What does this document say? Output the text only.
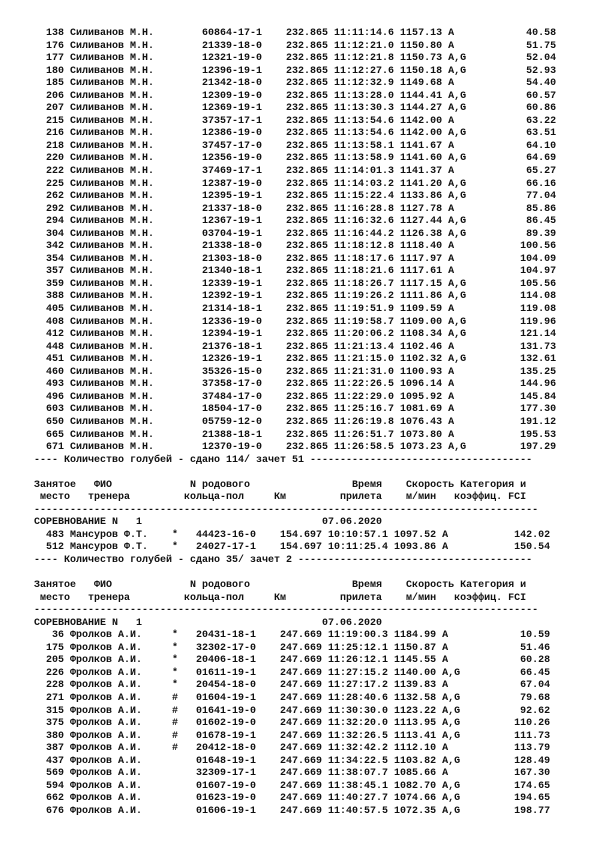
138 Силиванов М.Н.        60864-17-1    232.865 11:11:14.6 1157.13 A            40.58
176 Силиванов М.Н.        21339-18-0    232.865 11:12:21.0 1150.80 A            51.75
177 Силиванов М.Н.        12321-19-0    232.865 11:12:21.8 1150.73 A,G          52.04
180 Силиванов М.Н.        12396-19-1    232.865 11:12:27.6 1150.18 A,G          52.93
185 Силиванов М.Н.        21342-18-0    232.865 11:12:32.9 1149.68 A            54.40
206 Силиванов М.Н.        12309-19-0    232.865 11:13:28.0 1144.41 A,G          60.57
207 Силиванов М.Н.        12369-19-1    232.865 11:13:30.3 1144.27 A,G          60.86
215 Силиванов М.Н.        37357-17-1    232.865 11:13:54.6 1142.00 A            63.22
216 Силиванов М.Н.        12386-19-0    232.865 11:13:54.6 1142.00 A,G          63.51
218 Силиванов М.Н.        37457-17-0    232.865 11:13:58.1 1141.67 A            64.10
220 Силиванов М.Н.        12356-19-0    232.865 11:13:58.9 1141.60 A,G          64.69
222 Силиванов М.Н.        37469-17-1    232.865 11:14:01.3 1141.37 A            65.27
225 Силиванов М.Н.        12387-19-0    232.865 11:14:03.2 1141.20 A,G          66.16
262 Силиванов М.Н.        12395-19-1    232.865 11:15:22.4 1133.86 A,G          77.04
292 Силиванов М.Н.        21337-18-0    232.865 11:16:28.8 1127.78 A            85.86
294 Силиванов М.Н.        12367-19-1    232.865 11:16:32.6 1127.44 A,G          86.45
304 Силиванов М.Н.        03704-19-1    232.865 11:16:44.2 1126.38 A,G          89.39
342 Силиванов М.Н.        21338-18-0    232.865 11:18:12.8 1118.40 A           100.56
354 Силиванов М.Н.        21303-18-0    232.865 11:18:17.6 1117.97 A           104.09
357 Силиванов М.Н.        21340-18-1    232.865 11:18:21.6 1117.61 A           104.97
359 Силиванов М.Н.        12339-19-1    232.865 11:18:26.7 1117.15 A,G         105.56
388 Силиванов М.Н.        12392-19-1    232.865 11:19:26.2 1111.86 A,G         114.08
405 Силиванов М.Н.        21314-18-1    232.865 11:19:51.9 1109.59 A           119.08
408 Силиванов М.Н.        12336-19-0    232.865 11:19:58.7 1109.00 A,G         119.96
412 Силиванов М.Н.        12394-19-1    232.865 11:20:06.2 1108.34 A,G         121.14
448 Силиванов М.Н.        21376-18-1    232.865 11:21:13.4 1102.46 A           131.73
451 Силиванов М.Н.        12326-19-1    232.865 11:21:15.0 1102.32 A,G         132.61
460 Силиванов М.Н.        35326-15-0    232.865 11:21:31.0 1100.93 A           135.25
493 Силиванов М.Н.        37358-17-0    232.865 11:22:26.5 1096.14 A           144.96
496 Силиванов М.Н.        37484-17-0    232.865 11:22:29.0 1095.92 A           145.84
603 Силиванов М.Н.        18504-17-0    232.865 11:25:16.7 1081.69 A           177.30
650 Силиванов М.Н.        05759-12-0    232.865 11:26:19.8 1076.43 A           191.12
665 Силиванов М.Н.        21388-18-1    232.865 11:26:51.7 1073.80 A           195.53
671 Силиванов М.Н.        12370-19-0    232.865 11:26:58.5 1073.23 A,G         197.29
---- Количество голубей - сдано 114/ зачет 51 -------------------------------------

Занятое   ФИО             N родового                 Время    Скорость Категория и
место   тренера         кольца-пол     Км         прилета    м/мин   коэффиц. FCI
------------------------------------------------------------------------------------
СОРЕВНОВАНИЕ N   1                              07.06.2020
483 Мансуров Ф.Т.    *   44423-16-0    154.697 10:10:57.1 1097.52 A           142.02
512 Мансуров Ф.Т.    *   24027-17-1    154.697 10:11:25.4 1093.86 A           150.54
---- Количество голубей - сдано 35/ зачет 2 ---------------------------------------

Занятое   ФИО             N родового                 Время    Скорость Категория и
место   тренера         кольца-пол     Км         прилета    м/мин   коэффиц. FCI
------------------------------------------------------------------------------------
СОРЕВНОВАНИЕ N   1                              07.06.2020
36 Фролков А.И.     *   20431-18-1    247.669 11:19:00.3 1184.99 A            10.59
175 Фролков А.И.     *   32302-17-0    247.669 11:25:12.1 1150.87 A            51.46
205 Фролков А.И.     *   20406-18-1    247.669 11:26:12.1 1145.55 A            60.28
226 Фролков А.И.     *   01611-19-1    247.669 11:27:15.2 1140.00 A,G          66.45
228 Фролков А.И.     *   20454-18-0    247.669 11:27:17.2 1139.83 A            67.04
271 Фролков А.И.     #   01604-19-1    247.669 11:28:40.6 1132.58 A,G          79.68
315 Фролков А.И.     #   01641-19-0    247.669 11:30:30.0 1123.22 A,G          92.62
375 Фролков А.И.     #   01602-19-0    247.669 11:32:20.0 1113.95 A,G         110.26
380 Фролков А.И.     #   01678-19-1    247.669 11:32:26.5 1113.41 A,G         111.73
387 Фролков А.И.     #   20412-18-0    247.669 11:32:42.2 1112.10 A           113.79
437 Фролков А.И.         01648-19-1    247.669 11:34:22.5 1103.82 A,G         128.49
569 Фролков А.И.         32309-17-1    247.669 11:38:07.7 1085.66 A           167.30
594 Фролков А.И.         01607-19-0    247.669 11:38:45.1 1082.70 A,G         174.65
662 Фролков А.И.         01623-19-0    247.669 11:40:27.7 1074.66 A,G         194.65
676 Фролков А.И.         01606-19-1    247.669 11:40:57.5 1072.35 A,G         198.77
